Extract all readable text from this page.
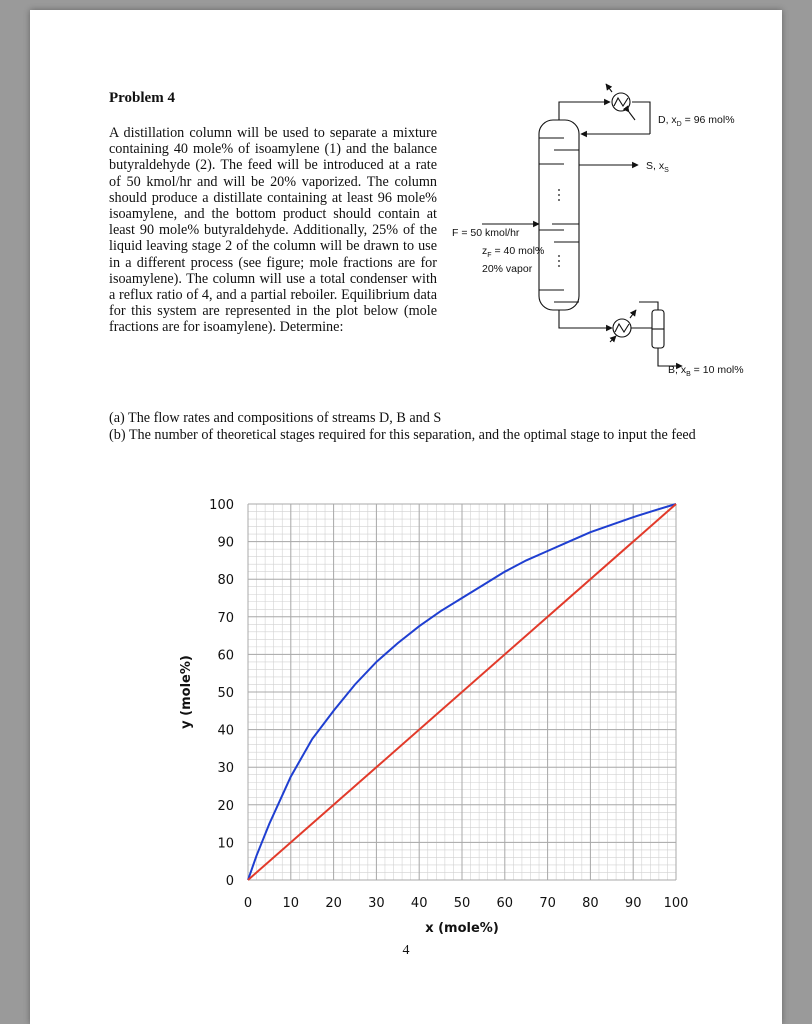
Problem 4
A distillation column will be used to separate a mixture containing 40 mole% of isoamylene (1) and the balance butyraldehyde (2). The feed will be introduced at a rate of 50 kmol/hr and will be 20% vaporized. The column should produce a distillate containing at least 96 mole% isoamylene, and the bottom product should contain at least 90 mole% butyraldehyde. Additionally, 25% of the liquid leaving stage 2 of the column will be drawn to use in a different process (see figure; mole fractions are for isoamylene). The column will use a total condenser with a reflux ratio of 4, and a partial reboiler. Equilibrium data for this system are represented in the plot below (mole fractions are for isoamylene). Determine:
D, $x_D = 96$ mol%
S, $x_S$
F = 50 kmol/hr
$z_F = 40$ mol%
20% vapor
B, $x_B = 10$ mol%

(a) The flow rates and compositions of streams D, B and S

(b) The number of theoretical stages required for this separation, and the optimal stage to input the feed

0
10
20
30
40
50
60
70
80
90
100
0 10 20 30 40 50 60 70 80 90 100
x (mole%)
y (mole%)
4
